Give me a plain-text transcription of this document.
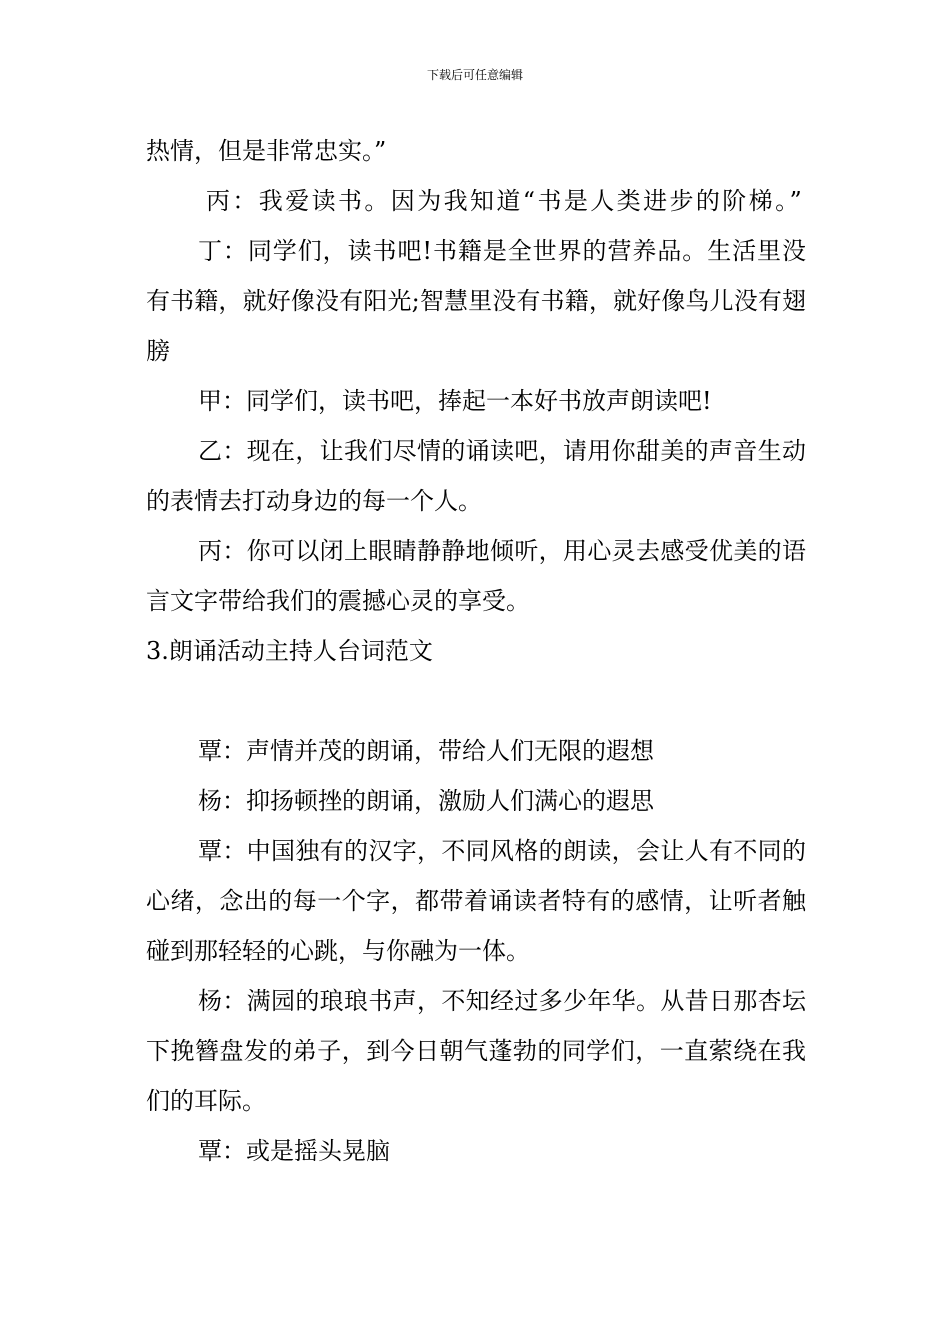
下载后可任意编辑

热情，但是非常忠实。”

丙：我爱读书。因为我知道“书是人类进步的阶梯。”

丁：同学们，读书吧!书籍是全世界的营养品。生活里没有书籍，就好像没有阳光;智慧里没有书籍，就好像鸟儿没有翅膀

甲：同学们，读书吧，捧起一本好书放声朗读吧!

乙：现在，让我们尽情的诵读吧，请用你甜美的声音生动的表情去打动身边的每一个人。

丙：你可以闭上眼睛静静地倾听，用心灵去感受优美的语言文字带给我们的震撼心灵的享受。

3.朗诵活动主持人台词范文

覃：声情并茂的朗诵，带给人们无限的遐想

杨：抑扬顿挫的朗诵，激励人们满心的遐思

覃：中国独有的汉字，不同风格的朗读，会让人有不同的心绪，念出的每一个字，都带着诵读者特有的感情，让听者触碰到那轻轻的心跳，与你融为一体。

杨：满园的琅琅书声，不知经过多少年华。从昔日那杏坛下挽簪盘发的弟子，到今日朝气蓬勃的同学们，一直萦绕在我们的耳际。

覃：或是摇头晃脑
